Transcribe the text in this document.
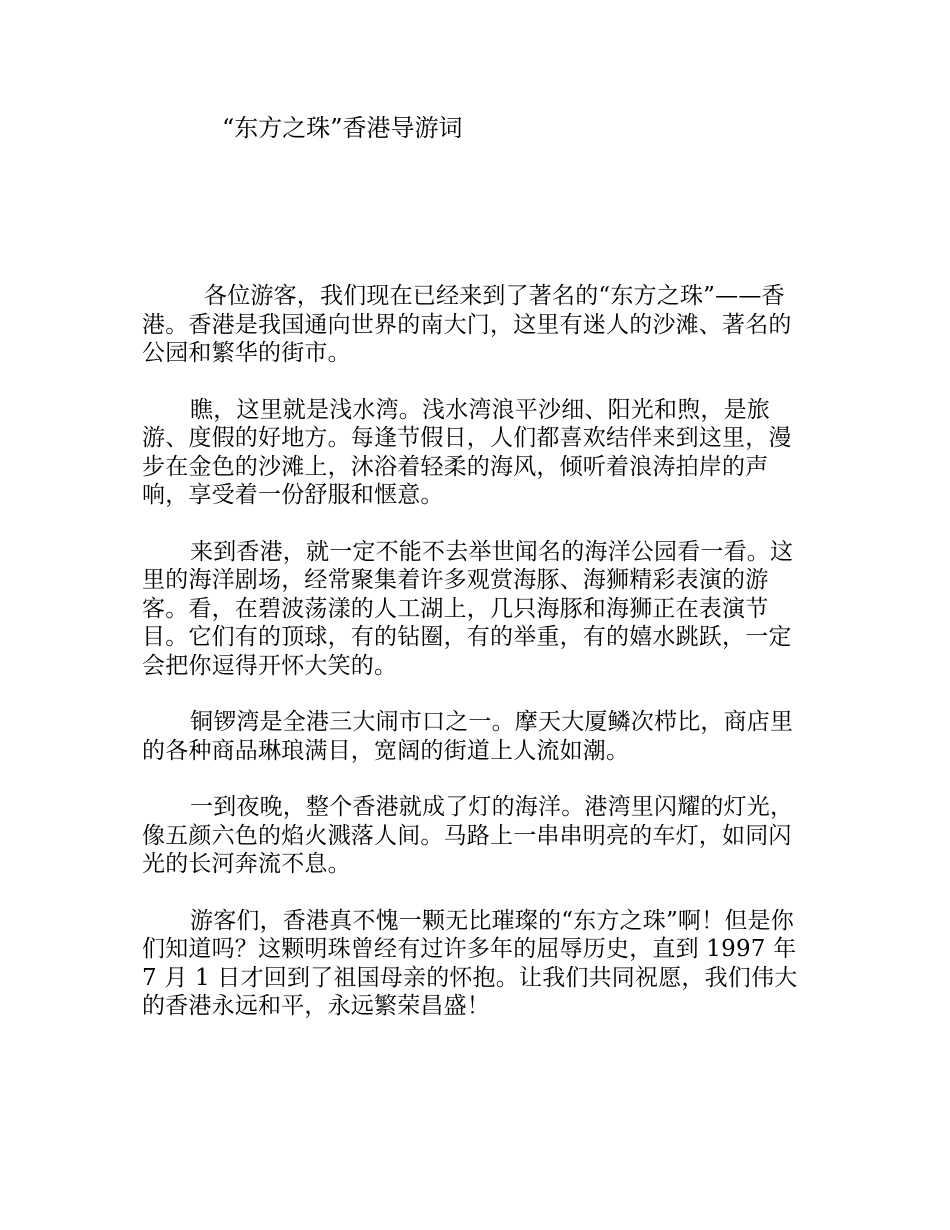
“东方之珠”香港导游词

各位游客，我们现在已经来到了著名的“东方之珠”——香港。香港是我国通向世界的南大门，这里有迷人的沙滩、著名的公园和繁华的街市。

瞧，这里就是浅水湾。浅水湾浪平沙细、阳光和煦，是旅游、度假的好地方。每逢节假日，人们都喜欢结伴来到这里，漫步在金色的沙滩上，沐浴着轻柔的海风，倾听着浪涛拍岸的声响，享受着一份舒服和惬意。

来到香港，就一定不能不去举世闻名的海洋公园看一看。这里的海洋剧场，经常聚集着许多观赏海豚、海狮精彩表演的游客。看，在碧波荡漾的人工湖上，几只海豚和海狮正在表演节目。它们有的顶球，有的钻圈，有的举重，有的嬉水跳跃，一定会把你逗得开怀大笑的。

铜锣湾是全港三大闹市口之一。摩天大厦鳞次栉比，商店里的各种商品琳琅满目，宽阔的街道上人流如潮。

一到夜晚，整个香港就成了灯的海洋。港湾里闪耀的灯光，像五颜六色的焰火溅落人间。马路上一串串明亮的车灯，如同闪光的长河奔流不息。

游客们，香港真不愧一颗无比璀璨的“东方之珠”啊！但是你们知道吗？这颗明珠曾经有过许多年的屈辱历史，直到 1997 年 7 月 1 日才回到了祖国母亲的怀抱。让我们共同祝愿，我们伟大的香港永远和平，永远繁荣昌盛！
